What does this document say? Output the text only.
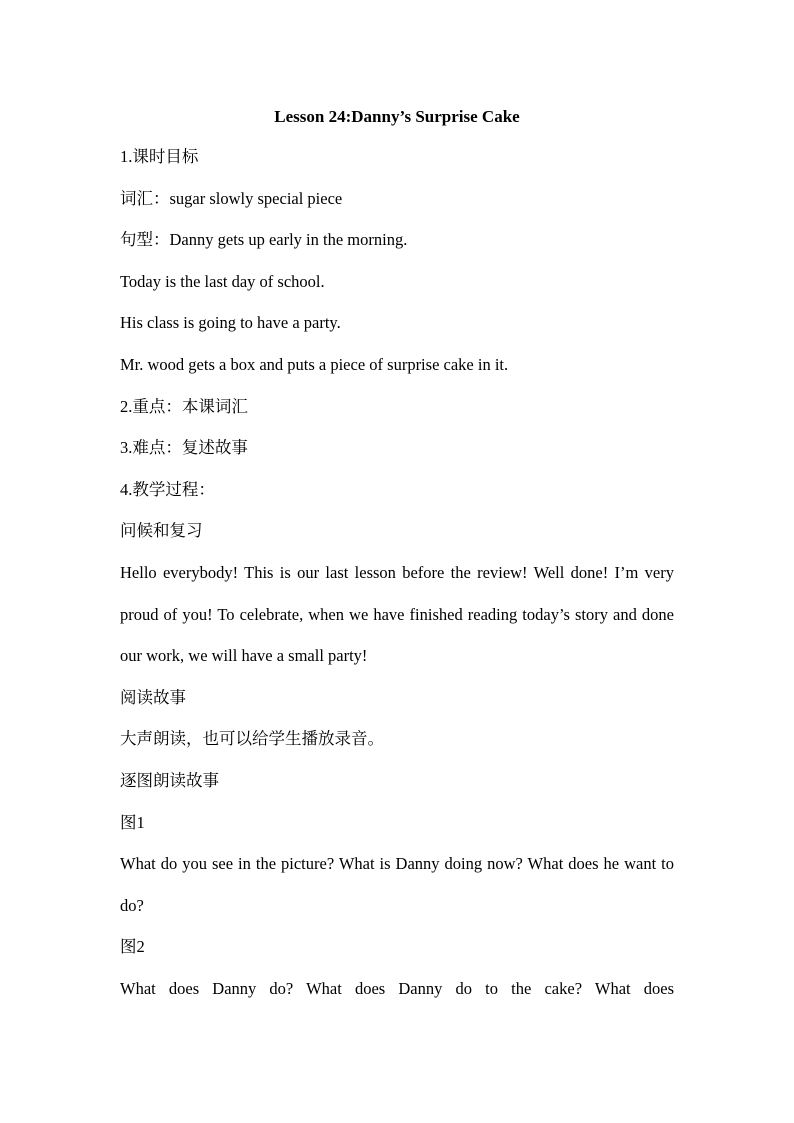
Lesson 24:Danny’s Surprise Cake

1.课时目标

词汇：sugar slowly special piece

句型：Danny gets up early in the morning.

Today is the last day of school.

His class is going to have a party.

Mr. wood gets a box and puts a piece of surprise cake in it.

2.重点：本课词汇

3.难点：复述故事

4.教学过程：

问候和复习

Hello everybody! This is our last lesson before the review! Well done! I’m very proud of you! To celebrate, when we have finished reading today’s story and done our work, we will have a small party!

阅读故事

大声朗读，也可以给学生播放录音。

逐图朗读故事

图1

What do you see in the picture? What is Danny doing now? What does he want to do?

图2

What does Danny do? What does Danny do to the cake? What does
